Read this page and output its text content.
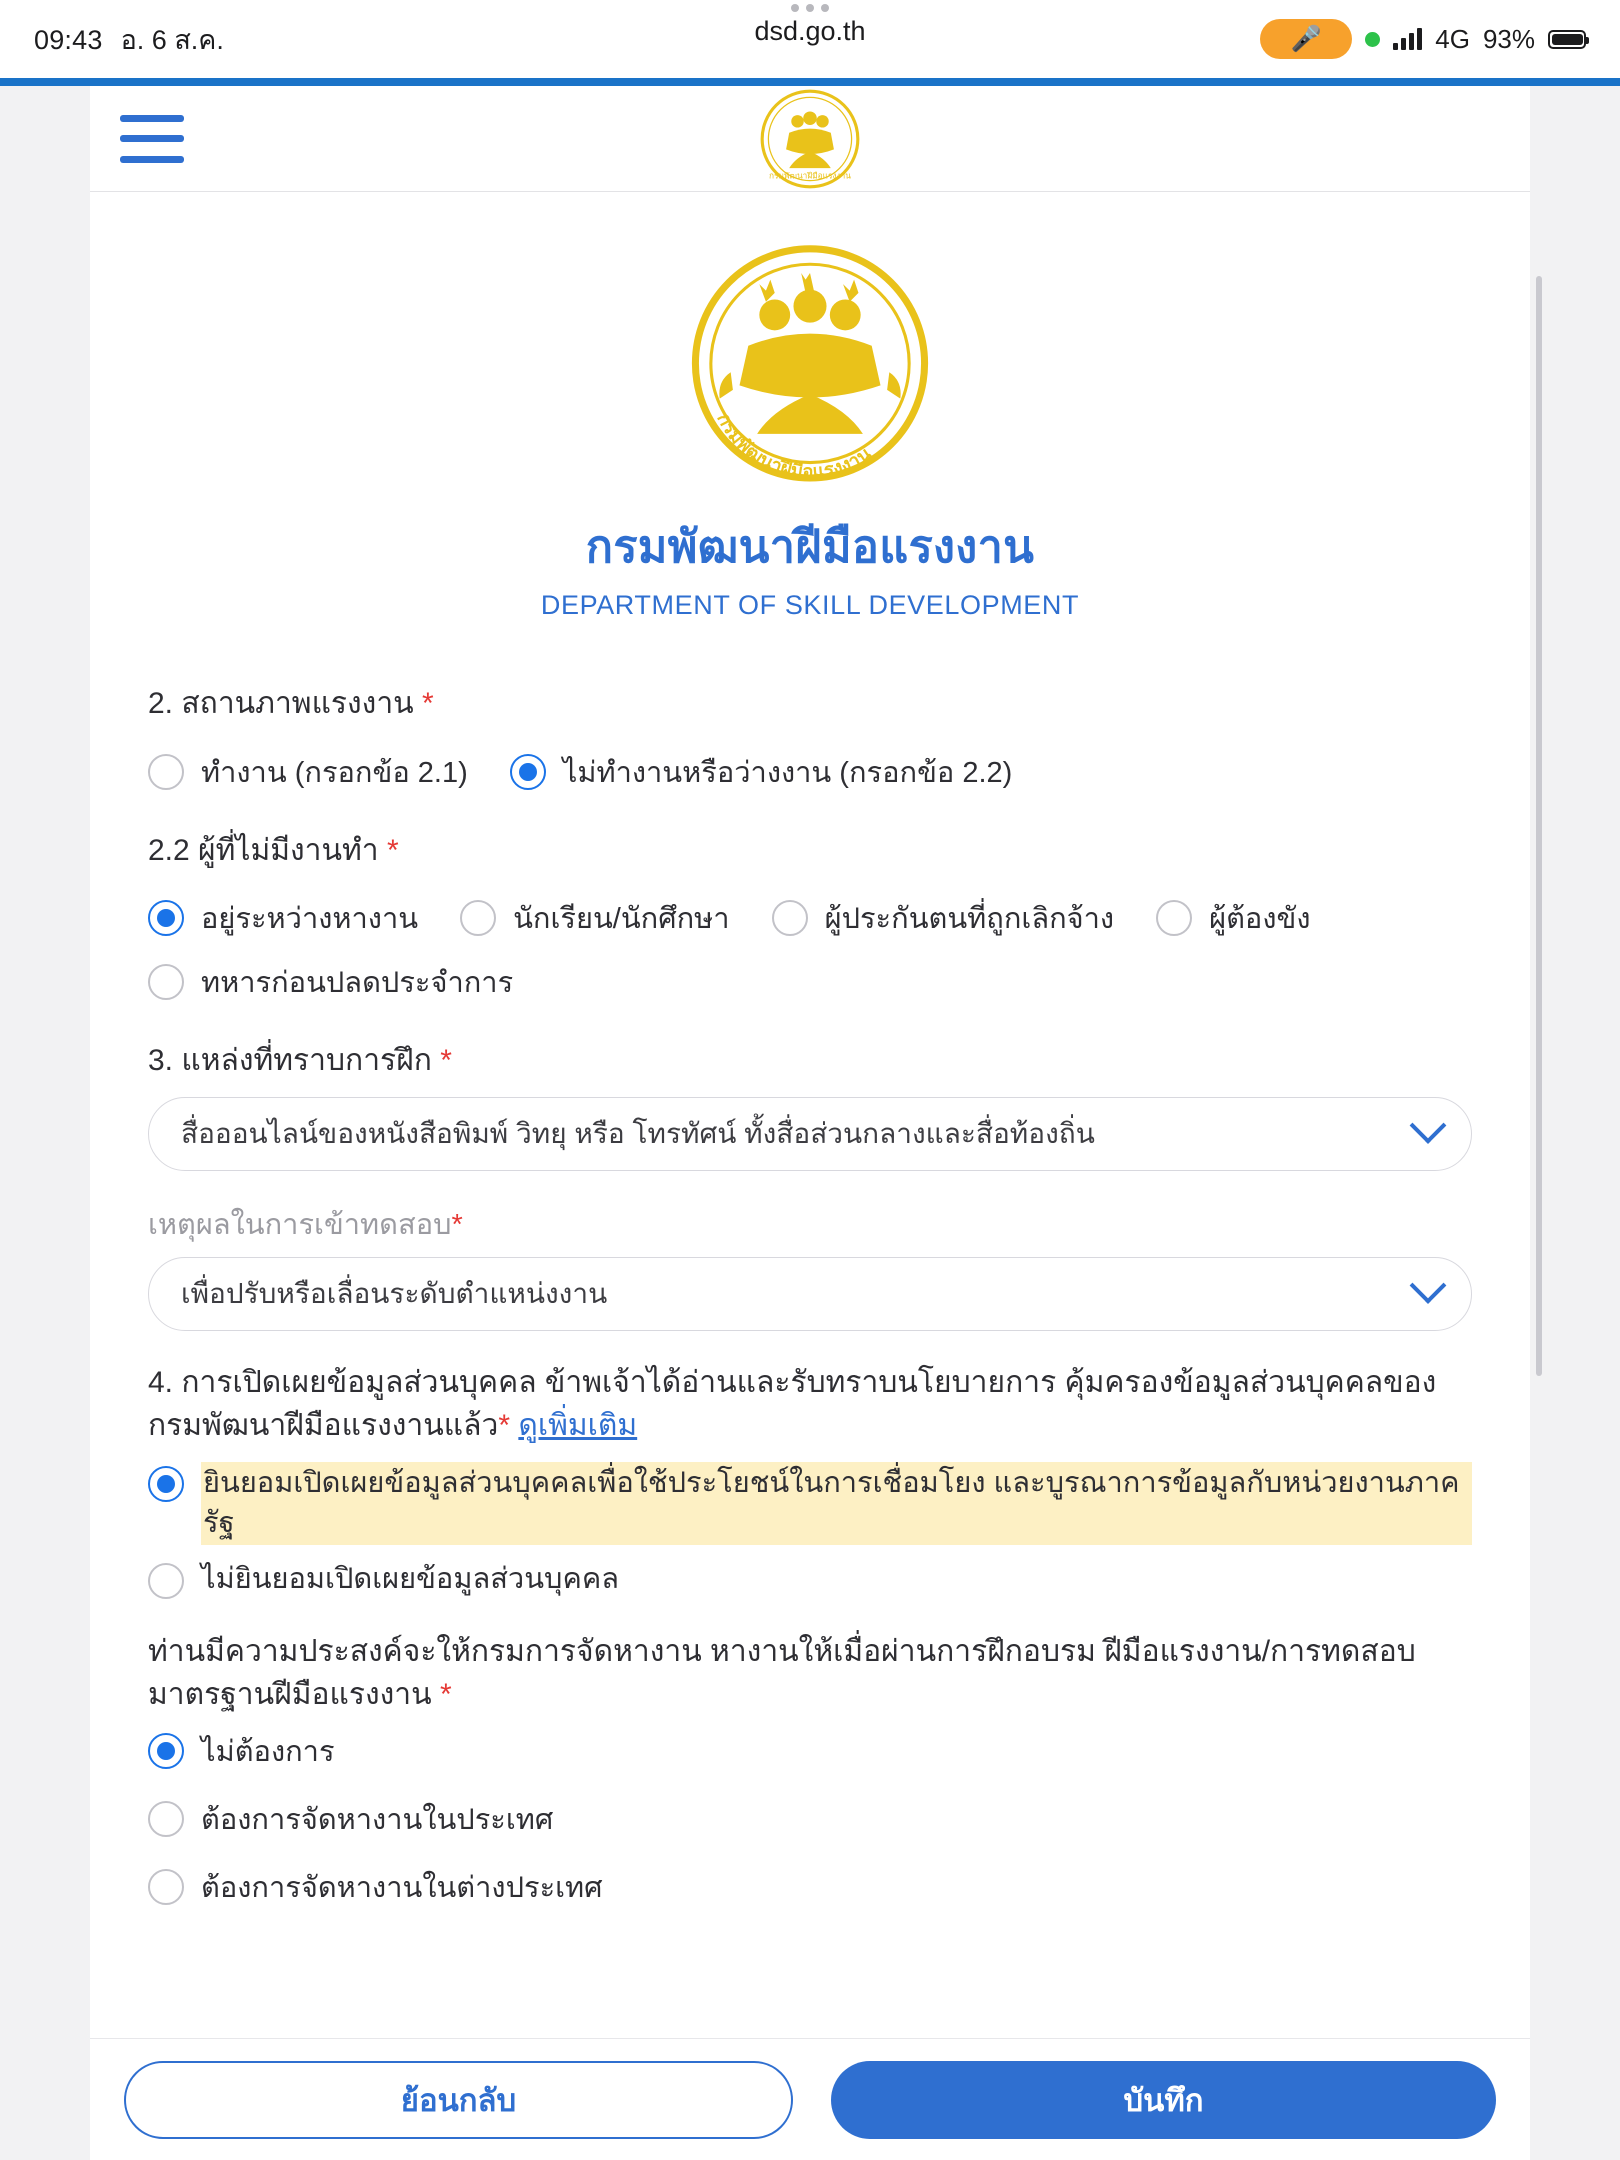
09:43 อ. 6 ส.ค.	dsd.go.th	🎤	4G 93%
กรมพัฒนาฝีมือแรงงาน
กรมพัฒนาฝีมือแรงงาน
กรมพัฒนาฝีมือแรงงาน
DEPARTMENT OF SKILL DEVELOPMENT
2. สถานภาพแรงงาน *
ทำงาน (กรอกข้อ 2.1)	ไม่ทำงานหรือว่างงาน (กรอกข้อ 2.2)
2.2 ผู้ที่ไม่มีงานทำ *
อยู่ระหว่างหางาน	นักเรียน/นักศึกษา	ผู้ประกันตนที่ถูกเลิกจ้าง	ผู้ต้องขัง
ทหารก่อนปลดประจำการ
3. แหล่งที่ทราบการฝึก *
สื่อออนไลน์ของหนังสือพิมพ์ วิทยุ หรือ โทรทัศน์ ทั้งสื่อส่วนกลางและสื่อท้องถิ่น
เหตุผลในการเข้าทดสอบ*
เพื่อปรับหรือเลื่อนระดับตำแหน่งงาน
4. การเปิดเผยข้อมูลส่วนบุคคล ข้าพเจ้าได้อ่านและรับทราบนโยบายการ คุ้มครองข้อมูลส่วนบุคคลของกรมพัฒนาฝีมือแรงงานแล้ว* ดูเพิ่มเติม
ยินยอมเปิดเผยข้อมูลส่วนบุคคลเพื่อใช้ประโยชน์ในการเชื่อมโยง และบูรณาการข้อมูลกับหน่วยงานภาครัฐ
ไม่ยินยอมเปิดเผยข้อมูลส่วนบุคคล
ท่านมีความประสงค์จะให้กรมการจัดหางาน หางานให้เมื่อผ่านการฝึกอบรม ฝีมือแรงงาน/การทดสอบมาตรฐานฝีมือแรงงาน *
ไม่ต้องการ
ต้องการจัดหางานในประเทศ
ต้องการจัดหางานในต่างประเทศ
ย้อนกลับ	บันทึก
